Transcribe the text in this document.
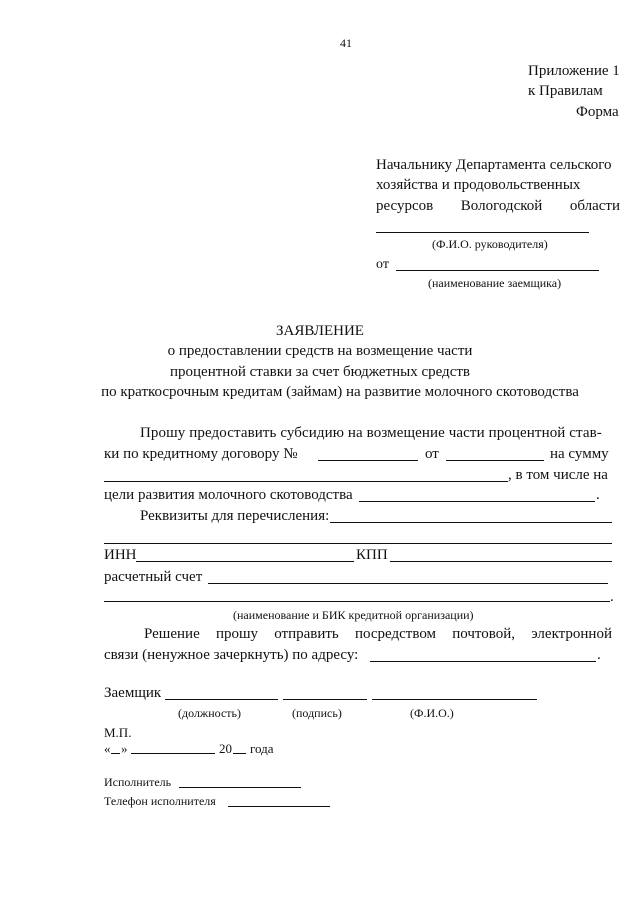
41
Приложение 1
к Правилам
Форма
Начальнику Департамента сельского
хозяйства и продовольственных
ресурсов Вологодской области
(Ф.И.О. руководителя)
от
(наименование заемщика)
ЗАЯВЛЕНИЕ
о предоставлении средств на возмещение части
процентной ставки за счет бюджетных средств
по краткосрочным кредитам (займам) на развитие молочного скотоводства
Прошу предоставить субсидию на возмещение части процентной став-
ки по кредитному договору №	от	на сумму
, в том числе на
цели развития молочного скотоводства	.
Реквизиты для перечисления:
ИНН	КПП
расчетный счет
.
(наименование и БИК кредитной организации)
Решение прошу отправить посредством почтовой, электронной
связи (ненужное зачеркнуть) по адресу:	.
Заемщик
(должность)	(подпись)	(Ф.И.О.)
М.П.
« »	20 года
Исполнитель
Телефон исполнителя
